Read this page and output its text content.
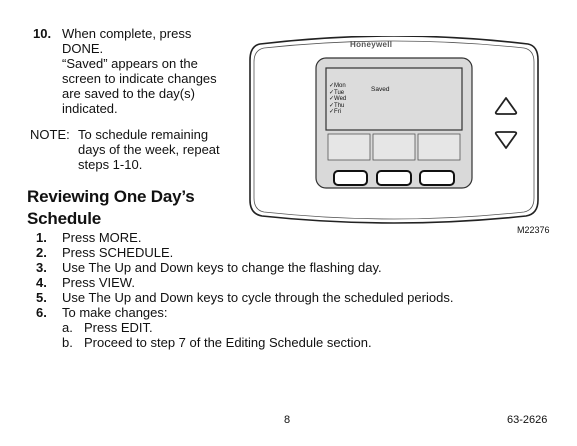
10. When complete, press
DONE.
“Saved” appears on the
screen to indicate changes
are saved to the day(s)
indicated.
NOTE: To schedule remaining
days of the week, repeat
steps 1-10.
Reviewing One Day’s
Schedule
1. Press MORE.
2. Press SCHEDULE.
3. Use The Up and Down keys to change the flashing day.
4. Press VIEW.
5. Use The Up and Down keys to cycle through the scheduled periods.
6. To make changes:
a. Press EDIT.
b. Proceed to step 7 of the Editing Schedule section.
Honeywell
✓Mon
✓Tue
✓Wed
✓Thu
✓Fri
Saved
M22376
8	63-2626
